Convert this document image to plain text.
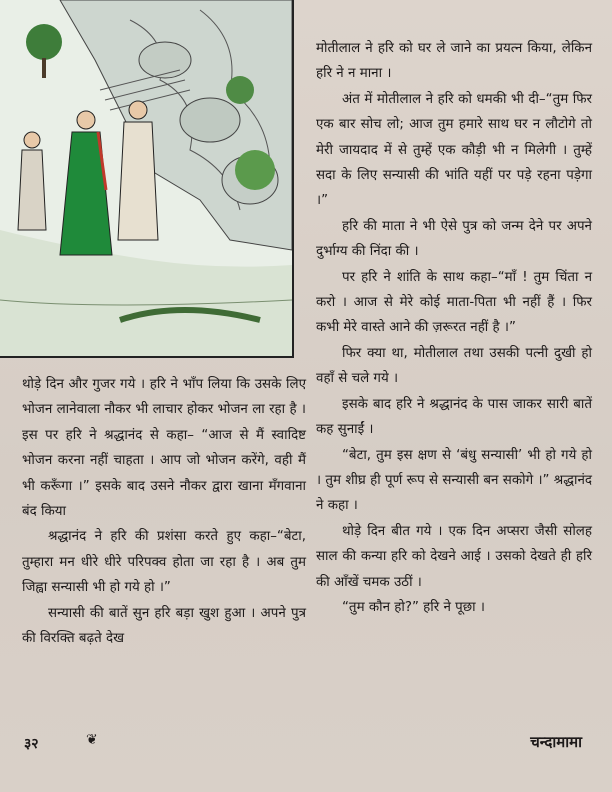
थोड़े दिन और गुजर गये । हरि ने भाँप लिया कि उसके लिए भोजन लानेवाला नौकर भी लाचार होकर भोजन ला रहा है । इस पर हरि ने श्रद्धानंद से कहा– “आज से मैं स्वादिष्ट भोजन करना नहीं चाहता । आप जो भोजन करेंगे, वही मैं भी करूँगा ।” इसके बाद उसने नौकर द्वारा खाना मँगवाना बंद किया

श्रद्धानंद ने हरि की प्रशंसा करते हुए कहा–“बेटा, तुम्हारा मन धीरे धीरे परिपक्व होता जा रहा है । अब तुम जिह्वा सन्यासी भी हो गये हो ।”

सन्यासी की बातें सुन हरि बड़ा खुश हुआ । अपने पुत्र की विरक्ति बढ़ते देख

मोतीलाल ने हरि को घर ले जाने का प्रयत्न किया, लेकिन हरि ने न माना ।

अंत में मोतीलाल ने हरि को धमकी भी दी–“तुम फिर एक बार सोच लो; आज तुम हमारे साथ घर न लौटोगे तो मेरी जायदाद में से तुम्हें एक कौड़ी भी न मिलेगी । तुम्हें सदा के लिए सन्यासी की भांति यहीं पर पड़े रहना पड़ेगा ।”

हरि की माता ने भी ऐसे पुत्र को जन्म देने पर अपने दुर्भाग्य की निंदा की ।

पर हरि ने शांति के साथ कहा–“माँ ! तुम चिंता न करो । आज से मेरे कोई माता-पिता भी नहीं हैं । फिर कभी मेरे वास्ते आने की ज़रूरत नहीं है ।”

फिर क्या था, मोतीलाल तथा उसकी पत्नी दुखी हो वहाँ से चले गये ।

इसके बाद हरि ने श्रद्धानंद के पास जाकर सारी बातें कह सुनाईं ।

“बेटा, तुम इस क्षण से ‘बंधु सन्यासी’ भी हो गये हो । तुम शीघ्र ही पूर्ण रूप से सन्यासी बन सकोगे ।” श्रद्धानंद ने कहा ।

थोड़े दिन बीत गये । एक दिन अप्सरा जैसी सोलह साल की कन्या हरि को देखने आई । उसको देखते ही हरि की आँखें चमक उठीं ।

“तुम कौन हो?” हरि ने पूछा ।

३२	❦	चन्दामामा
